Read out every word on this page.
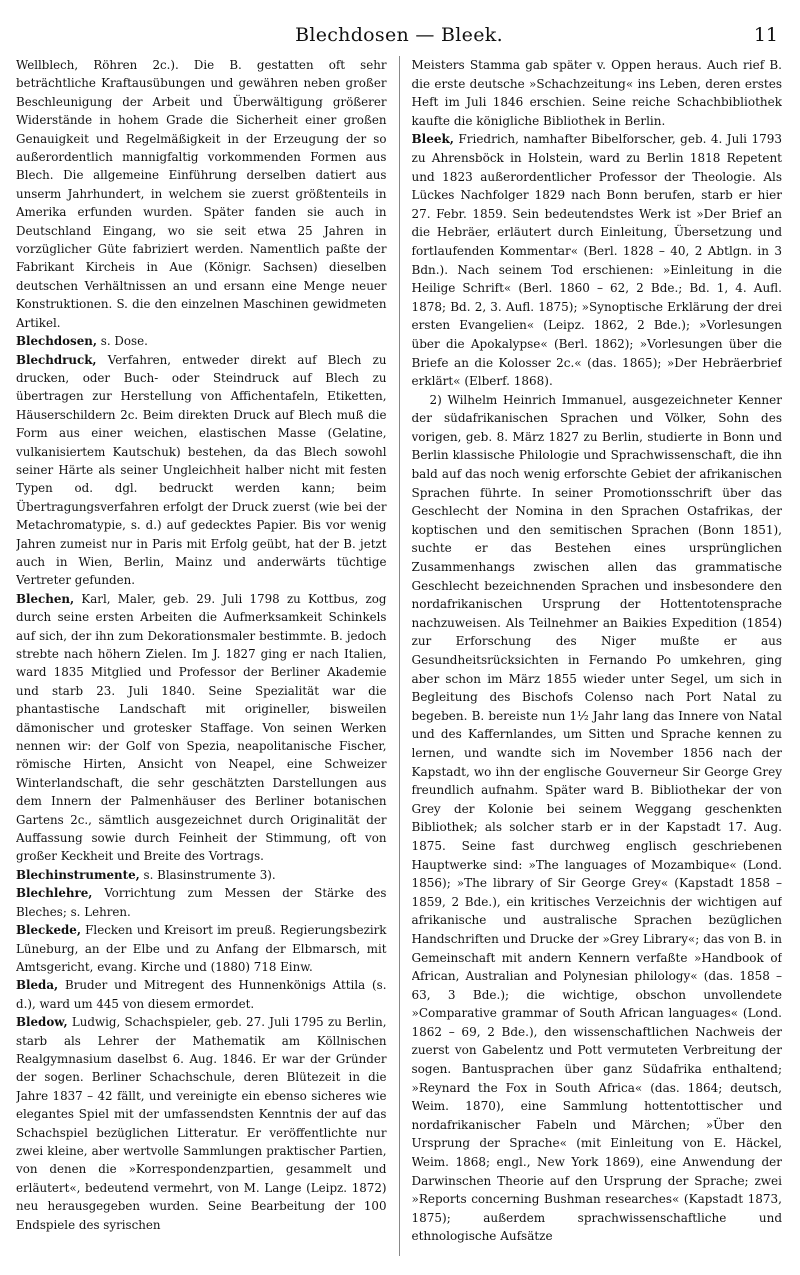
Blechdosen — Bleek.	11

Wellblech, Röhren 2c.). Die B. gestatten oft sehr beträchtliche Kraftausübungen und gewähren neben großer Beschleunigung der Arbeit und Überwältigung größerer Widerstände in hohem Grade die Sicherheit einer großen Genauigkeit und Regelmäßigkeit in der Erzeugung der so außerordentlich mannigfaltig vorkommenden Formen aus Blech. Die allgemeine Einführung derselben datiert aus unserm Jahrhundert, in welchem sie zuerst größtenteils in Amerika erfunden wurden. Später fanden sie auch in Deutschland Eingang, wo sie seit etwa 25 Jahren in vorzüglicher Güte fabriziert werden. Namentlich paßte der Fabrikant Kircheis in Aue (Königr. Sachsen) dieselben deutschen Verhältnissen an und ersann eine Menge neuer Konstruktionen. S. die den einzelnen Maschinen gewidmeten Artikel.

Blechdosen, s. Dose.

Blechdruck, Verfahren, entweder direkt auf Blech zu drucken, oder Buch- oder Steindruck auf Blech zu übertragen zur Herstellung von Affichentafeln, Etiketten, Häuserschildern 2c. Beim direkten Druck auf Blech muß die Form aus einer weichen, elastischen Masse (Gelatine, vulkanisiertem Kautschuk) bestehen, da das Blech sowohl seiner Härte als seiner Ungleichheit halber nicht mit festen Typen od. dgl. bedruckt werden kann; beim Übertragungsverfahren erfolgt der Druck zuerst (wie bei der Metachromatypie, s. d.) auf gedecktes Papier. Bis vor wenig Jahren zumeist nur in Paris mit Erfolg geübt, hat der B. jetzt auch in Wien, Berlin, Mainz und anderwärts tüchtige Vertreter gefunden.

Blechen, Karl, Maler, geb. 29. Juli 1798 zu Kottbus, zog durch seine ersten Arbeiten die Aufmerksamkeit Schinkels auf sich, der ihn zum Dekorationsmaler bestimmte. B. jedoch strebte nach höhern Zielen. Im J. 1827 ging er nach Italien, ward 1835 Mitglied und Professor der Berliner Akademie und starb 23. Juli 1840. Seine Spezialität war die phantastische Landschaft mit origineller, bisweilen dämonischer und grotesker Staffage. Von seinen Werken nennen wir: der Golf von Spezia, neapolitanische Fischer, römische Hirten, Ansicht von Neapel, eine Schweizer Winterlandschaft, die sehr geschätzten Darstellungen aus dem Innern der Palmenhäuser des Berliner botanischen Gartens 2c., sämtlich ausgezeichnet durch Originalität der Auffassung sowie durch Feinheit der Stimmung, oft von großer Keckheit und Breite des Vortrags.

Blechinstrumente, s. Blasinstrumente 3).

Blechlehre, Vorrichtung zum Messen der Stärke des Bleches; s. Lehren.

Bleckede, Flecken und Kreisort im preuß. Regierungsbezirk Lüneburg, an der Elbe und zu Anfang der Elbmarsch, mit Amtsgericht, evang. Kirche und (1880) 718 Einw.

Bleda, Bruder und Mitregent des Hunnenkönigs Attila (s. d.), ward um 445 von diesem ermordet.

Bledow, Ludwig, Schachspieler, geb. 27. Juli 1795 zu Berlin, starb als Lehrer der Mathematik am Köllnischen Realgymnasium daselbst 6. Aug. 1846. Er war der Gründer der sogen. Berliner Schachschule, deren Blütezeit in die Jahre 1837 – 42 fällt, und vereinigte ein ebenso sicheres wie elegantes Spiel mit der umfassendsten Kenntnis der auf das Schachspiel bezüglichen Litteratur. Er veröffentlichte nur zwei kleine, aber wertvolle Sammlungen praktischer Partien, von denen die »Korrespondenzpartien, gesammelt und erläutert«, bedeutend vermehrt, von M. Lange (Leipz. 1872) neu herausgegeben wurden. Seine Bearbeitung der 100 Endspiele des syrischen

Meisters Stamma gab später v. Oppen heraus. Auch rief B. die erste deutsche »Schachzeitung« ins Leben, deren erstes Heft im Juli 1846 erschien. Seine reiche Schachbibliothek kaufte die königliche Bibliothek in Berlin.

Bleek, Friedrich, namhafter Bibelforscher, geb. 4. Juli 1793 zu Ahrensböck in Holstein, ward zu Berlin 1818 Repetent und 1823 außerordentlicher Professor der Theologie. Als Lückes Nachfolger 1829 nach Bonn berufen, starb er hier 27. Febr. 1859. Sein bedeutendstes Werk ist »Der Brief an die Hebräer, erläutert durch Einleitung, Übersetzung und fortlaufenden Kommentar« (Berl. 1828 – 40, 2 Abtlgn. in 3 Bdn.). Nach seinem Tod erschienen: »Einleitung in die Heilige Schrift« (Berl. 1860 – 62, 2 Bde.; Bd. 1, 4. Aufl. 1878; Bd. 2, 3. Aufl. 1875); »Synoptische Erklärung der drei ersten Evangelien« (Leipz. 1862, 2 Bde.); »Vorlesungen über die Apokalypse« (Berl. 1862); »Vorlesungen über die Briefe an die Kolosser 2c.« (das. 1865); »Der Hebräerbrief erklärt« (Elberf. 1868).

2) Wilhelm Heinrich Immanuel, ausgezeichneter Kenner der südafrikanischen Sprachen und Völker, Sohn des vorigen, geb. 8. März 1827 zu Berlin, studierte in Bonn und Berlin klassische Philologie und Sprachwissenschaft, die ihn bald auf das noch wenig erforschte Gebiet der afrikanischen Sprachen führte. In seiner Promotionsschrift über das Geschlecht der Nomina in den Sprachen Ostafrikas, der koptischen und den semitischen Sprachen (Bonn 1851), suchte er das Bestehen eines ursprünglichen Zusammenhangs zwischen allen das grammatische Geschlecht bezeichnenden Sprachen und insbesondere den nordafrikanischen Ursprung der Hottentotensprache nachzuweisen. Als Teilnehmer an Baikies Expedition (1854) zur Erforschung des Niger mußte er aus Gesundheitsrücksichten in Fernando Po umkehren, ging aber schon im März 1855 wieder unter Segel, um sich in Begleitung des Bischofs Colenso nach Port Natal zu begeben. B. bereiste nun 1½ Jahr lang das Innere von Natal und des Kaffernlandes, um Sitten und Sprache kennen zu lernen, und wandte sich im November 1856 nach der Kapstadt, wo ihn der englische Gouverneur Sir George Grey freundlich aufnahm. Später ward B. Bibliothekar der von Grey der Kolonie bei seinem Weggang geschenkten Bibliothek; als solcher starb er in der Kapstadt 17. Aug. 1875. Seine fast durchweg englisch geschriebenen Hauptwerke sind: »The languages of Mozambique« (Lond. 1856); »The library of Sir George Grey« (Kapstadt 1858 – 1859, 2 Bde.), ein kritisches Verzeichnis der wichtigen auf afrikanische und australische Sprachen bezüglichen Handschriften und Drucke der »Grey Library«; das von B. in Gemeinschaft mit andern Kennern verfaßte »Handbook of African, Australian and Polynesian philology« (das. 1858 – 63, 3 Bde.); die wichtige, obschon unvollendete »Comparative grammar of South African languages« (Lond. 1862 – 69, 2 Bde.), den wissenschaftlichen Nachweis der zuerst von Gabelentz und Pott vermuteten Verbreitung der sogen. Bantusprachen über ganz Südafrika enthaltend; »Reynard the Fox in South Africa« (das. 1864; deutsch, Weim. 1870), eine Sammlung hottentottischer und nordafrikanischer Fabeln und Märchen; »Über den Ursprung der Sprache« (mit Einleitung von E. Häckel, Weim. 1868; engl., New York 1869), eine Anwendung der Darwinschen Theorie auf den Ursprung der Sprache; zwei »Reports concerning Bushman researches« (Kapstadt 1873, 1875); außerdem sprachwissenschaftliche und ethnologische Aufsätze
